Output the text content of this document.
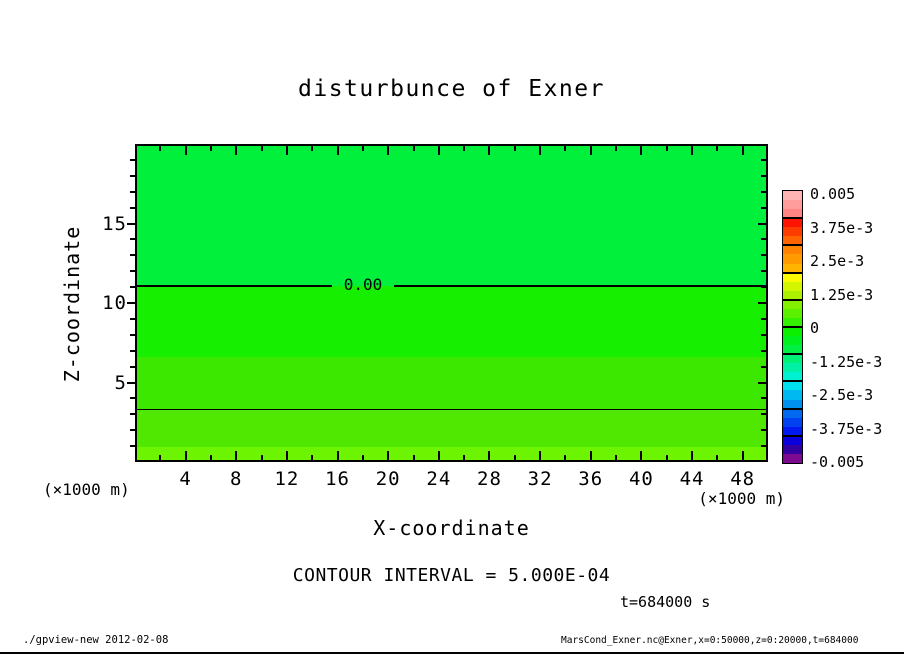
disturbunce of Exner
0.00
4	8	12	16	20	24	28	32	36	40	44	48
5
10
15
X-coordinate
Z-coordinate
(×1000 m)
(×1000 m)
0.005
3.75e-3
2.5e-3
1.25e-3
0
-1.25e-3
-2.5e-3
-3.75e-3
-0.005
CONTOUR INTERVAL = 5.000E-04
t=684000 s
./gpview-new 2012-02-08	MarsCond_Exner.nc@Exner,x=0:50000,z=0:20000,t=684000
